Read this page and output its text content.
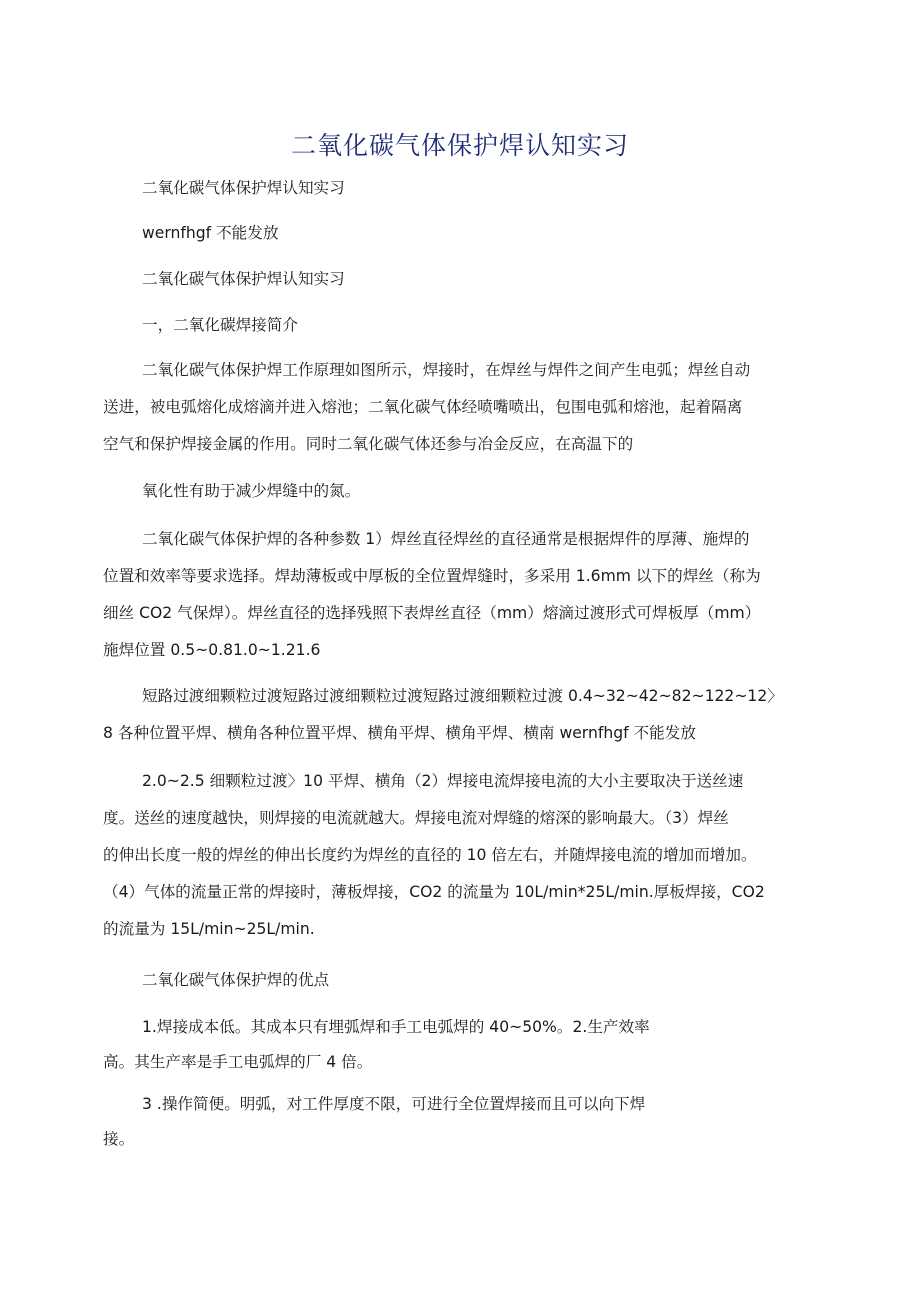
二氧化碳气体保护焊认知实习
二氧化碳气体保护焊认知实习
wernfhgf 不能发放
二氧化碳气体保护焊认知实习
一，二氧化碳焊接简介
二氧化碳气体保护焊工作原理如图所示，焊接时，在焊丝与焊件之间产生电弧；焊丝自动
送进，被电弧熔化成熔滴并进入熔池；二氧化碳气体经喷嘴喷出，包围电弧和熔池，起着隔离
空气和保护焊接金属的作用。同时二氧化碳气体还参与冶金反应，在高温下的
氧化性有助于减少焊缝中的氮。
二氧化碳气体保护焊的各种参数 1）焊丝直径焊丝的直径通常是根据焊件的厚薄、施焊的
位置和效率等要求选择。焊劫薄板或中厚板的全位置焊缝时，多采用 1.6mm 以下的焊丝（称为
细丝 CO2 气保焊）。焊丝直径的选择残照下表焊丝直径（mm）熔滴过渡形式可焊板厚（mm）
施焊位置 0.5~0.81.0~1.21.6
短路过渡细颗粒过渡短路过渡细颗粒过渡短路过渡细颗粒过渡 0.4~32~42~82~122~12〉
8 各种位置平焊、横角各种位置平焊、横角平焊、横角平焊、横南 wernfhgf 不能发放
2.0~2.5 细颗粒过渡〉10 平焊、横角（2）焊接电流焊接电流的大小主要取决于送丝速
度。送丝的速度越快，则焊接的电流就越大。焊接电流对焊缝的熔深的影响最大。（3）焊丝
的伸出长度一般的焊丝的伸出长度约为焊丝的直径的 10 倍左右，并随焊接电流的增加而增加。
（4）气体的流量正常的焊接时，薄板焊接，CO2 的流量为 10L/min*25L/min.厚板焊接，CO2
的流量为 15L/min~25L/min.
二氧化碳气体保护焊的优点
1.焊接成本低。其成本只有埋弧焊和手工电弧焊的 40~50%。2.生产效率
高。其生产率是手工电弧焊的厂 4 倍。
3 .操作简便。明弧，对工件厚度不限，可进行全位置焊接而且可以向下焊
接。
